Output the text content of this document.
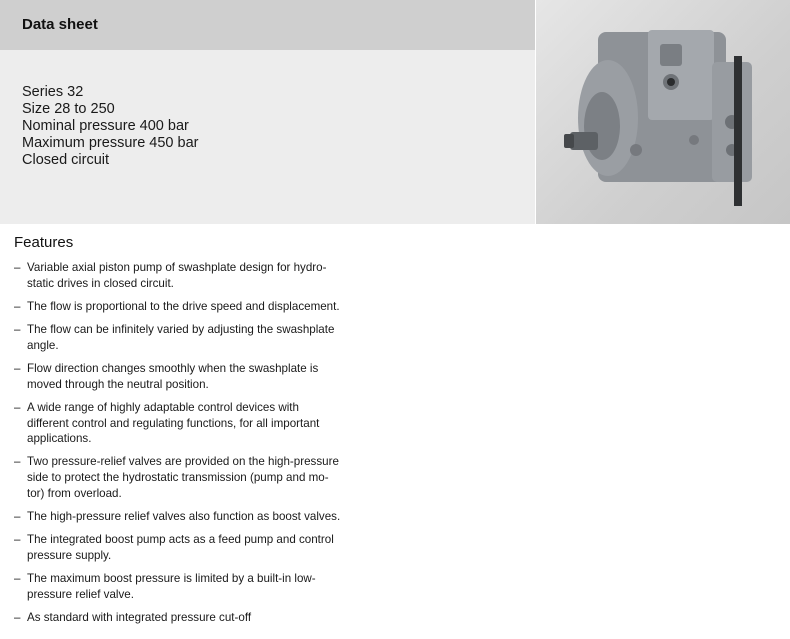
Data sheet
Series 32
Size 28 to 250
Nominal pressure 400 bar
Maximum pressure 450 bar
Closed circuit
Features
– Variable axial piston pump of swashplate design for hydro-
static drives in closed circuit.
– The flow is proportional to the drive speed and displacement.
– The flow can be infinitely varied by adjusting the swashplate
angle.
– Flow direction changes smoothly when the swashplate is
moved through the neutral position.
– A wide range of highly adaptable control devices with
different control and regulating functions, for all important
applications.
– Two pressure-relief valves are provided on the high-pressure
side to protect the hydrostatic transmission (pump and mo-
tor) from overload.
– The high-pressure relief valves also function as boost valves.
– The integrated boost pump acts as a feed pump and control
pressure supply.
– The maximum boost pressure is limited by a built-in low-
pressure relief valve.
– As standard with integrated pressure cut-off
